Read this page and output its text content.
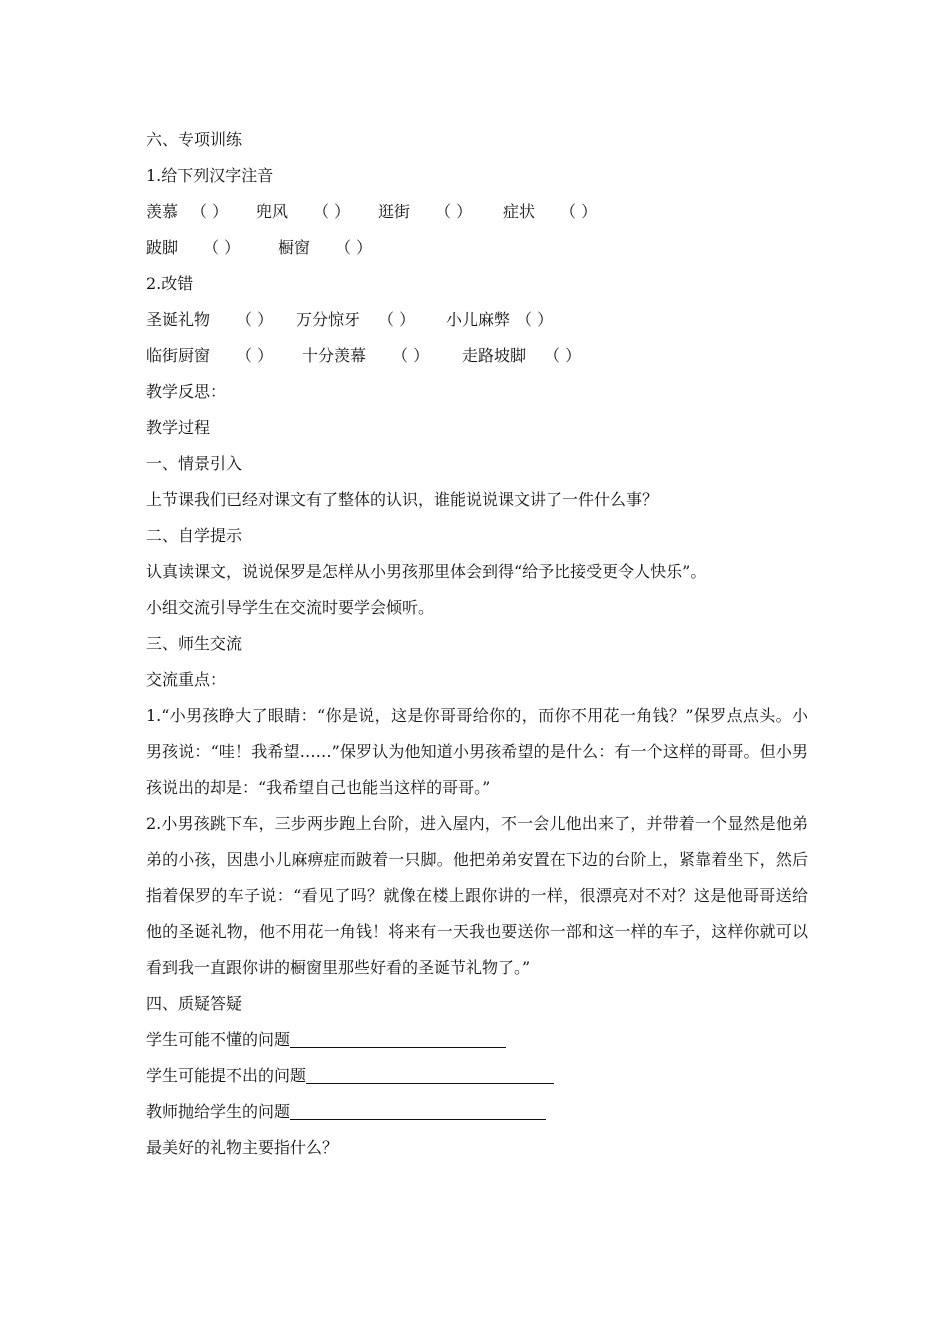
六、专项训练
1.给下列汉字注音
羡慕 （ ）	兜风	（ ）	逛街	（ ）	症状	（ ）
跛脚	（ ）	橱窗	（ ）
2.改错
圣诞礼物	（ ）	万分惊牙	（ ）	小儿麻弊 （ ）
临街厨窗	（ ）	十分羡幕	（ ）	走路坡脚	（ ）
教学反思：
教学过程
一、情景引入
上节课我们已经对课文有了整体的认识，谁能说说课文讲了一件什么事？
二、自学提示
认真读课文，说说保罗是怎样从小男孩那里体会到得“给予比接受更令人快乐”。
小组交流引导学生在交流时要学会倾听。
三、师生交流
交流重点：
1.“小男孩睁大了眼睛：“你是说，这是你哥哥给你的，而你不用花一角钱？”保罗点点头。小男孩说：“哇！我希望……”保罗认为他知道小男孩希望的是什么：有一个这样的哥哥。但小男孩说出的却是：“我希望自己也能当这样的哥哥。”
2.小男孩跳下车，三步两步跑上台阶，进入屋内，不一会儿他出来了，并带着一个显然是他弟弟的小孩，因患小儿麻痹症而跛着一只脚。他把弟弟安置在下边的台阶上，紧靠着坐下，然后指着保罗的车子说：“看见了吗？就像在楼上跟你讲的一样，很漂亮对不对？这是他哥哥送给他的圣诞礼物，他不用花一角钱！将来有一天我也要送你一部和这一样的车子，这样你就可以看到我一直跟你讲的橱窗里那些好看的圣诞节礼物了。”
四、质疑答疑
学生可能不懂的问题
学生可能提不出的问题
教师抛给学生的问题
最美好的礼物主要指什么？
